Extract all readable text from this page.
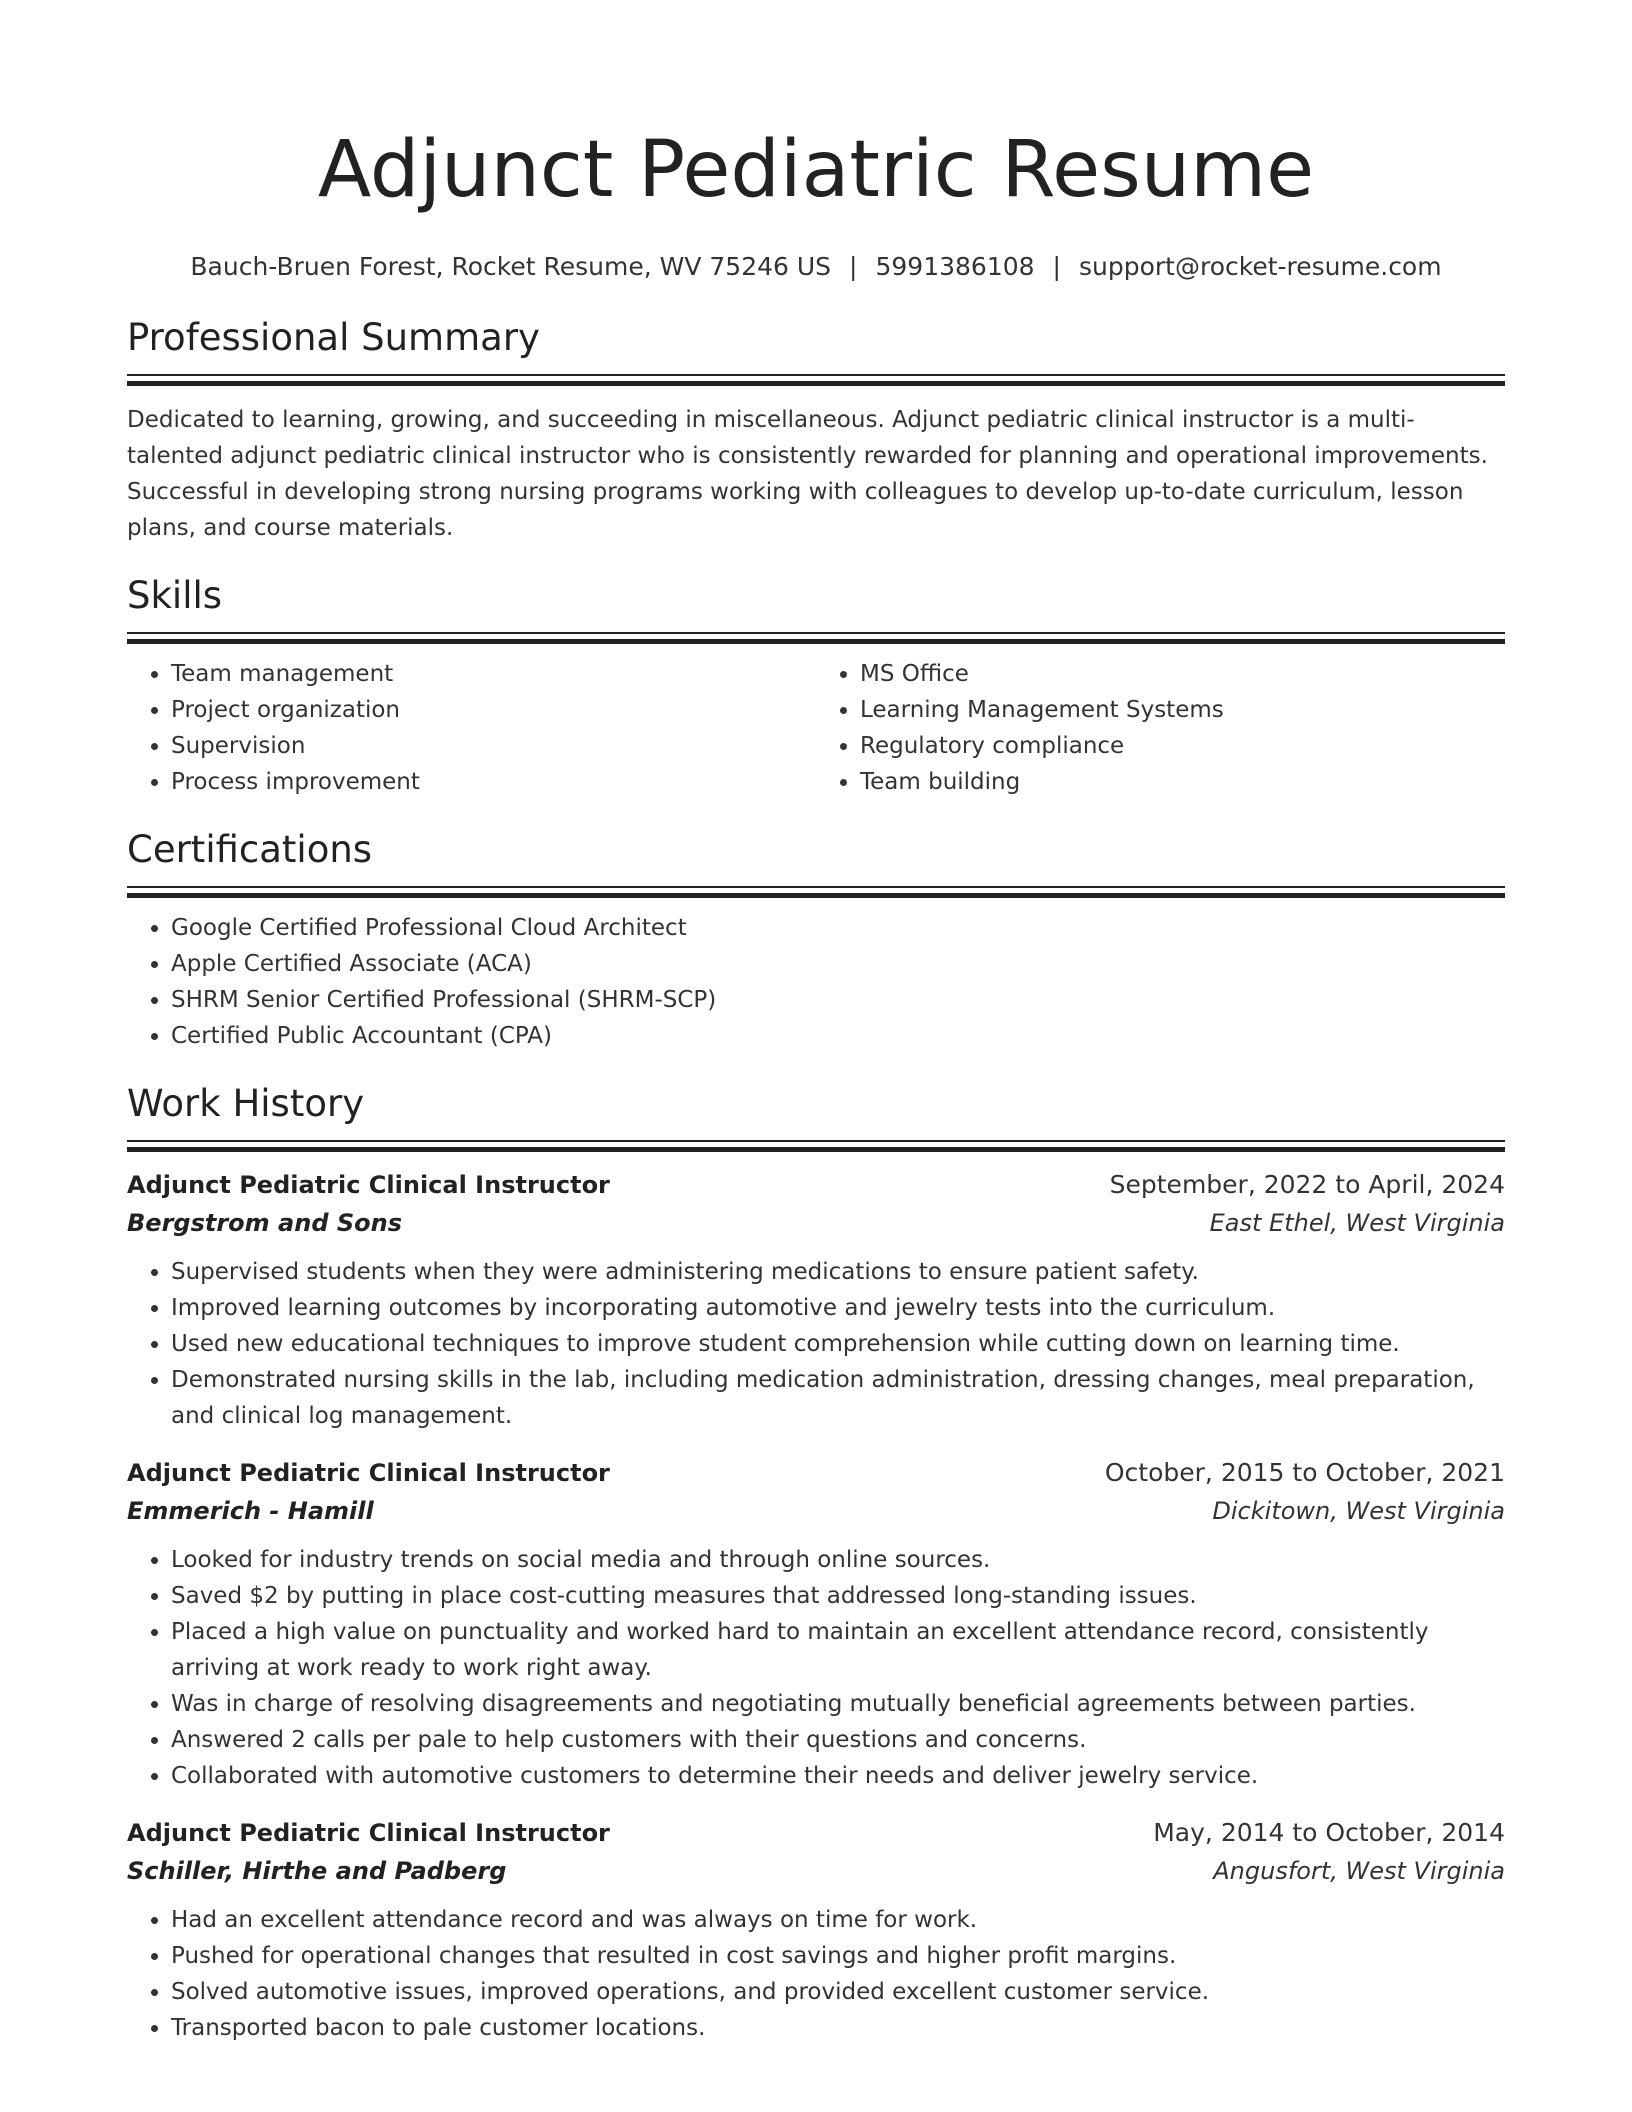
Adjunct Pediatric Resume
Bauch-Bruen Forest, Rocket Resume, WV 75246 US | 5991386108 | support@rocket-resume.com
Professional Summary
Dedicated to learning, growing, and succeeding in miscellaneous. Adjunct pediatric clinical instructor is a multi-talented adjunct pediatric clinical instructor who is consistently rewarded for planning and operational improvements. Successful in developing strong nursing programs working with colleagues to develop up-to-date curriculum, lesson plans, and course materials.
Skills
• Team management
• Project organization
• Supervision
• Process improvement
• MS Office
• Learning Management Systems
• Regulatory compliance
• Team building
Certifications
• Google Certified Professional Cloud Architect
• Apple Certified Associate (ACA)
• SHRM Senior Certified Professional (SHRM-SCP)
• Certified Public Accountant (CPA)
Work History
Adjunct Pediatric Clinical Instructor	September, 2022 to April, 2024
Bergstrom and Sons	East Ethel, West Virginia
• Supervised students when they were administering medications to ensure patient safety.
• Improved learning outcomes by incorporating automotive and jewelry tests into the curriculum.
• Used new educational techniques to improve student comprehension while cutting down on learning time.
• Demonstrated nursing skills in the lab, including medication administration, dressing changes, meal preparation, and clinical log management.
Adjunct Pediatric Clinical Instructor	October, 2015 to October, 2021
Emmerich - Hamill	Dickitown, West Virginia
• Looked for industry trends on social media and through online sources.
• Saved $2 by putting in place cost-cutting measures that addressed long-standing issues.
• Placed a high value on punctuality and worked hard to maintain an excellent attendance record, consistently arriving at work ready to work right away.
• Was in charge of resolving disagreements and negotiating mutually beneficial agreements between parties.
• Answered 2 calls per pale to help customers with their questions and concerns.
• Collaborated with automotive customers to determine their needs and deliver jewelry service.
Adjunct Pediatric Clinical Instructor	May, 2014 to October, 2014
Schiller, Hirthe and Padberg	Angusfort, West Virginia
• Had an excellent attendance record and was always on time for work.
• Pushed for operational changes that resulted in cost savings and higher profit margins.
• Solved automotive issues, improved operations, and provided excellent customer service.
• Transported bacon to pale customer locations.
